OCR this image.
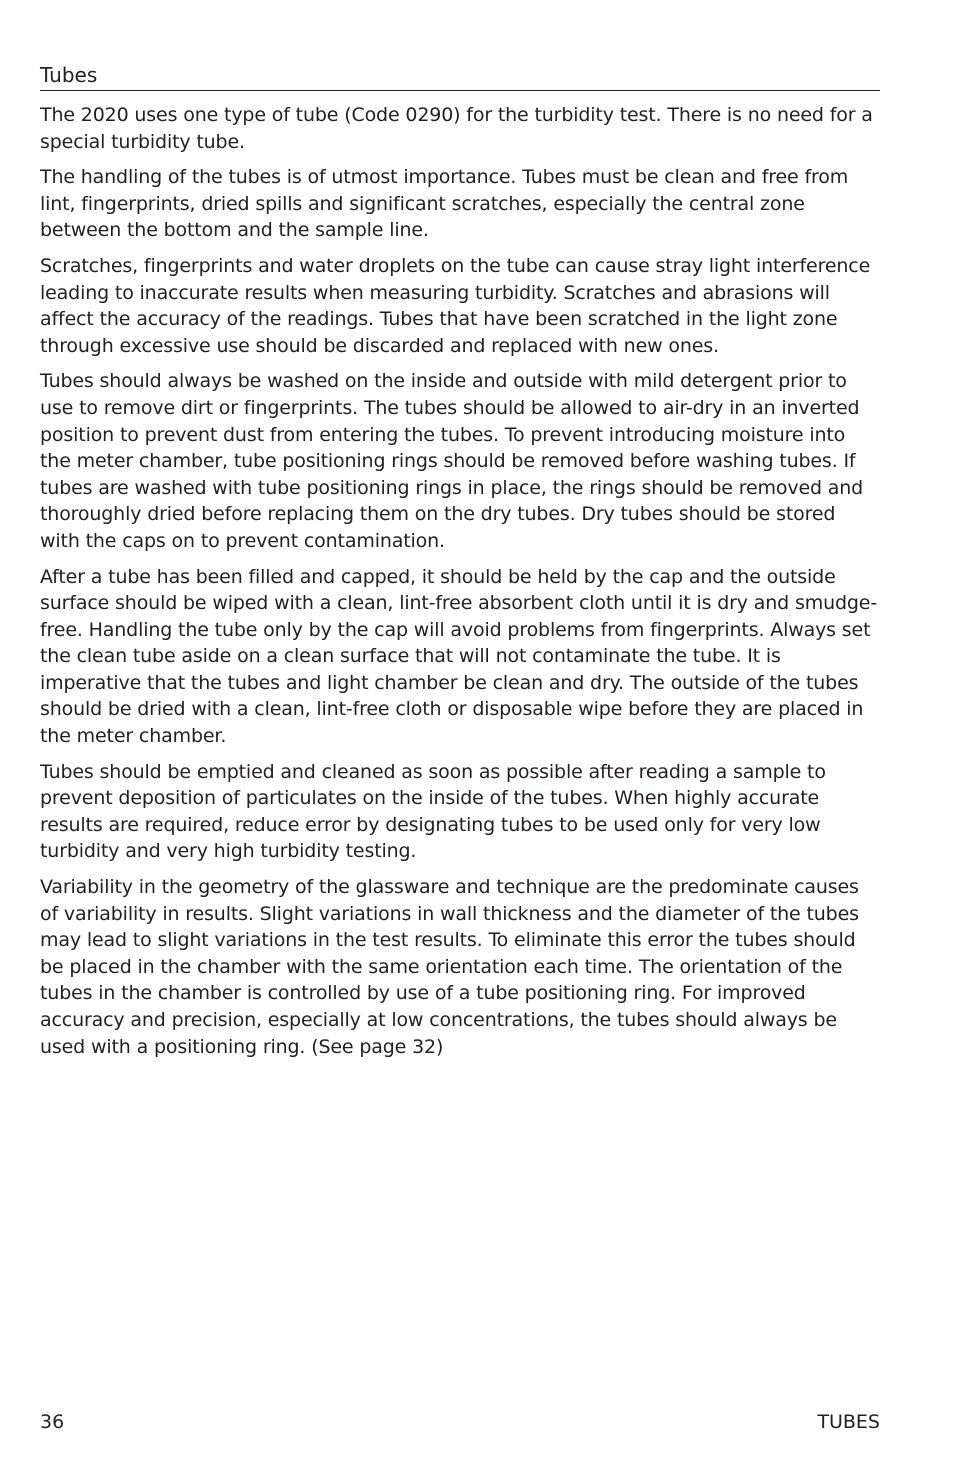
Tubes

The 2020 uses one type of tube (Code 0290) for the turbidity test. There is no need for a special turbidity tube.

The handling of the tubes is of utmost importance. Tubes must be clean and free from lint, fingerprints, dried spills and significant scratches, especially the central zone between the bottom and the sample line.

Scratches, fingerprints and water droplets on the tube can cause stray light interference leading to inaccurate results when measuring turbidity. Scratches and abrasions will affect the accuracy of the readings. Tubes that have been scratched in the light zone through excessive use should be discarded and replaced with new ones.

Tubes should always be washed on the inside and outside with mild detergent prior to use to remove dirt or fingerprints. The tubes should be allowed to air-dry in an inverted position to prevent dust from entering the tubes. To prevent introducing moisture into the meter chamber, tube positioning rings should be removed before washing tubes. If tubes are washed with tube positioning rings in place, the rings should be removed and thoroughly dried before replacing them on the dry tubes. Dry tubes should be stored with the caps on to prevent contamination.

After a tube has been filled and capped, it should be held by the cap and the outside surface should be wiped with a clean, lint-free absorbent cloth until it is dry and smudge-free. Handling the tube only by the cap will avoid problems from fingerprints. Always set the clean tube aside on a clean surface that will not contaminate the tube. It is imperative that the tubes and light chamber be clean and dry. The outside of the tubes should be dried with a clean, lint-free cloth or disposable wipe before they are placed in the meter chamber.

Tubes should be emptied and cleaned as soon as possible after reading a sample to prevent deposition of particulates on the inside of the tubes. When highly accurate results are required, reduce error by designating tubes to be used only for very low turbidity and very high turbidity testing.

Variability in the geometry of the glassware and technique are the predominate causes of variability in results. Slight variations in wall thickness and the diameter of the tubes may lead to slight variations in the test results. To eliminate this error the tubes should be placed in the chamber with the same orientation each time. The orientation of the tubes in the chamber is controlled by use of a tube positioning ring. For improved accuracy and precision, especially at low concentrations, the tubes should always be used with a positioning ring. (See page 32)

36	TUBES
